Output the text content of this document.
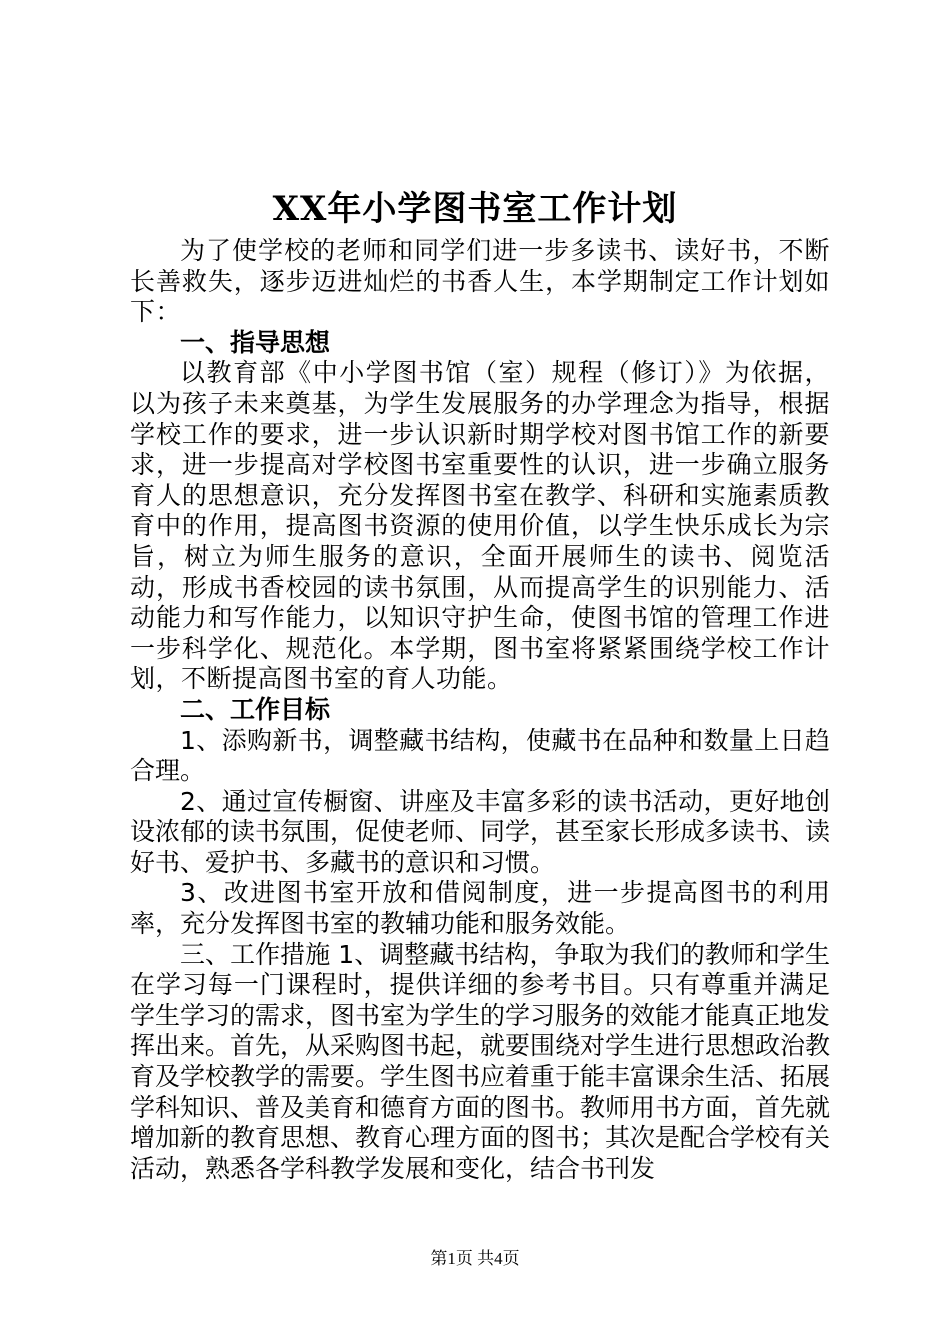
XX年小学图书室工作计划

为了使学校的老师和同学们进一步多读书、读好书，不断长善救失，逐步迈进灿烂的书香人生，本学期制定工作计划如下：

一、指导思想

以教育部《中小学图书馆（室）规程（修订）》为依据，以为孩子未来奠基，为学生发展服务的办学理念为指导，根据学校工作的要求，进一步认识新时期学校对图书馆工作的新要求，进一步提高对学校图书室重要性的认识，进一步确立服务育人的思想意识，充分发挥图书室在教学、科研和实施素质教育中的作用，提高图书资源的使用价值，以学生快乐成长为宗旨，树立为师生服务的意识，全面开展师生的读书、阅览活动，形成书香校园的读书氛围，从而提高学生的识别能力、活动能力和写作能力，以知识守护生命，使图书馆的管理工作进一步科学化、规范化。本学期，图书室将紧紧围绕学校工作计划，不断提高图书室的育人功能。

二、工作目标

1、添购新书，调整藏书结构，使藏书在品种和数量上日趋合理。

2、通过宣传橱窗、讲座及丰富多彩的读书活动，更好地创设浓郁的读书氛围，促使老师、同学，甚至家长形成多读书、读好书、爱护书、多藏书的意识和习惯。

3、改进图书室开放和借阅制度，进一步提高图书的利用率，充分发挥图书室的教辅功能和服务效能。

三、工作措施 1、调整藏书结构，争取为我们的教师和学生在学习每一门课程时，提供详细的参考书目。只有尊重并满足学生学习的需求，图书室为学生的学习服务的效能才能真正地发挥出来。首先，从采购图书起，就要围绕对学生进行思想政治教育及学校教学的需要。学生图书应着重于能丰富课余生活、拓展学科知识、普及美育和德育方面的图书。教师用书方面，首先就增加新的教育思想、教育心理方面的图书；其次是配合学校有关活动，熟悉各学科教学发展和变化，结合书刊发

第1页 共4页
